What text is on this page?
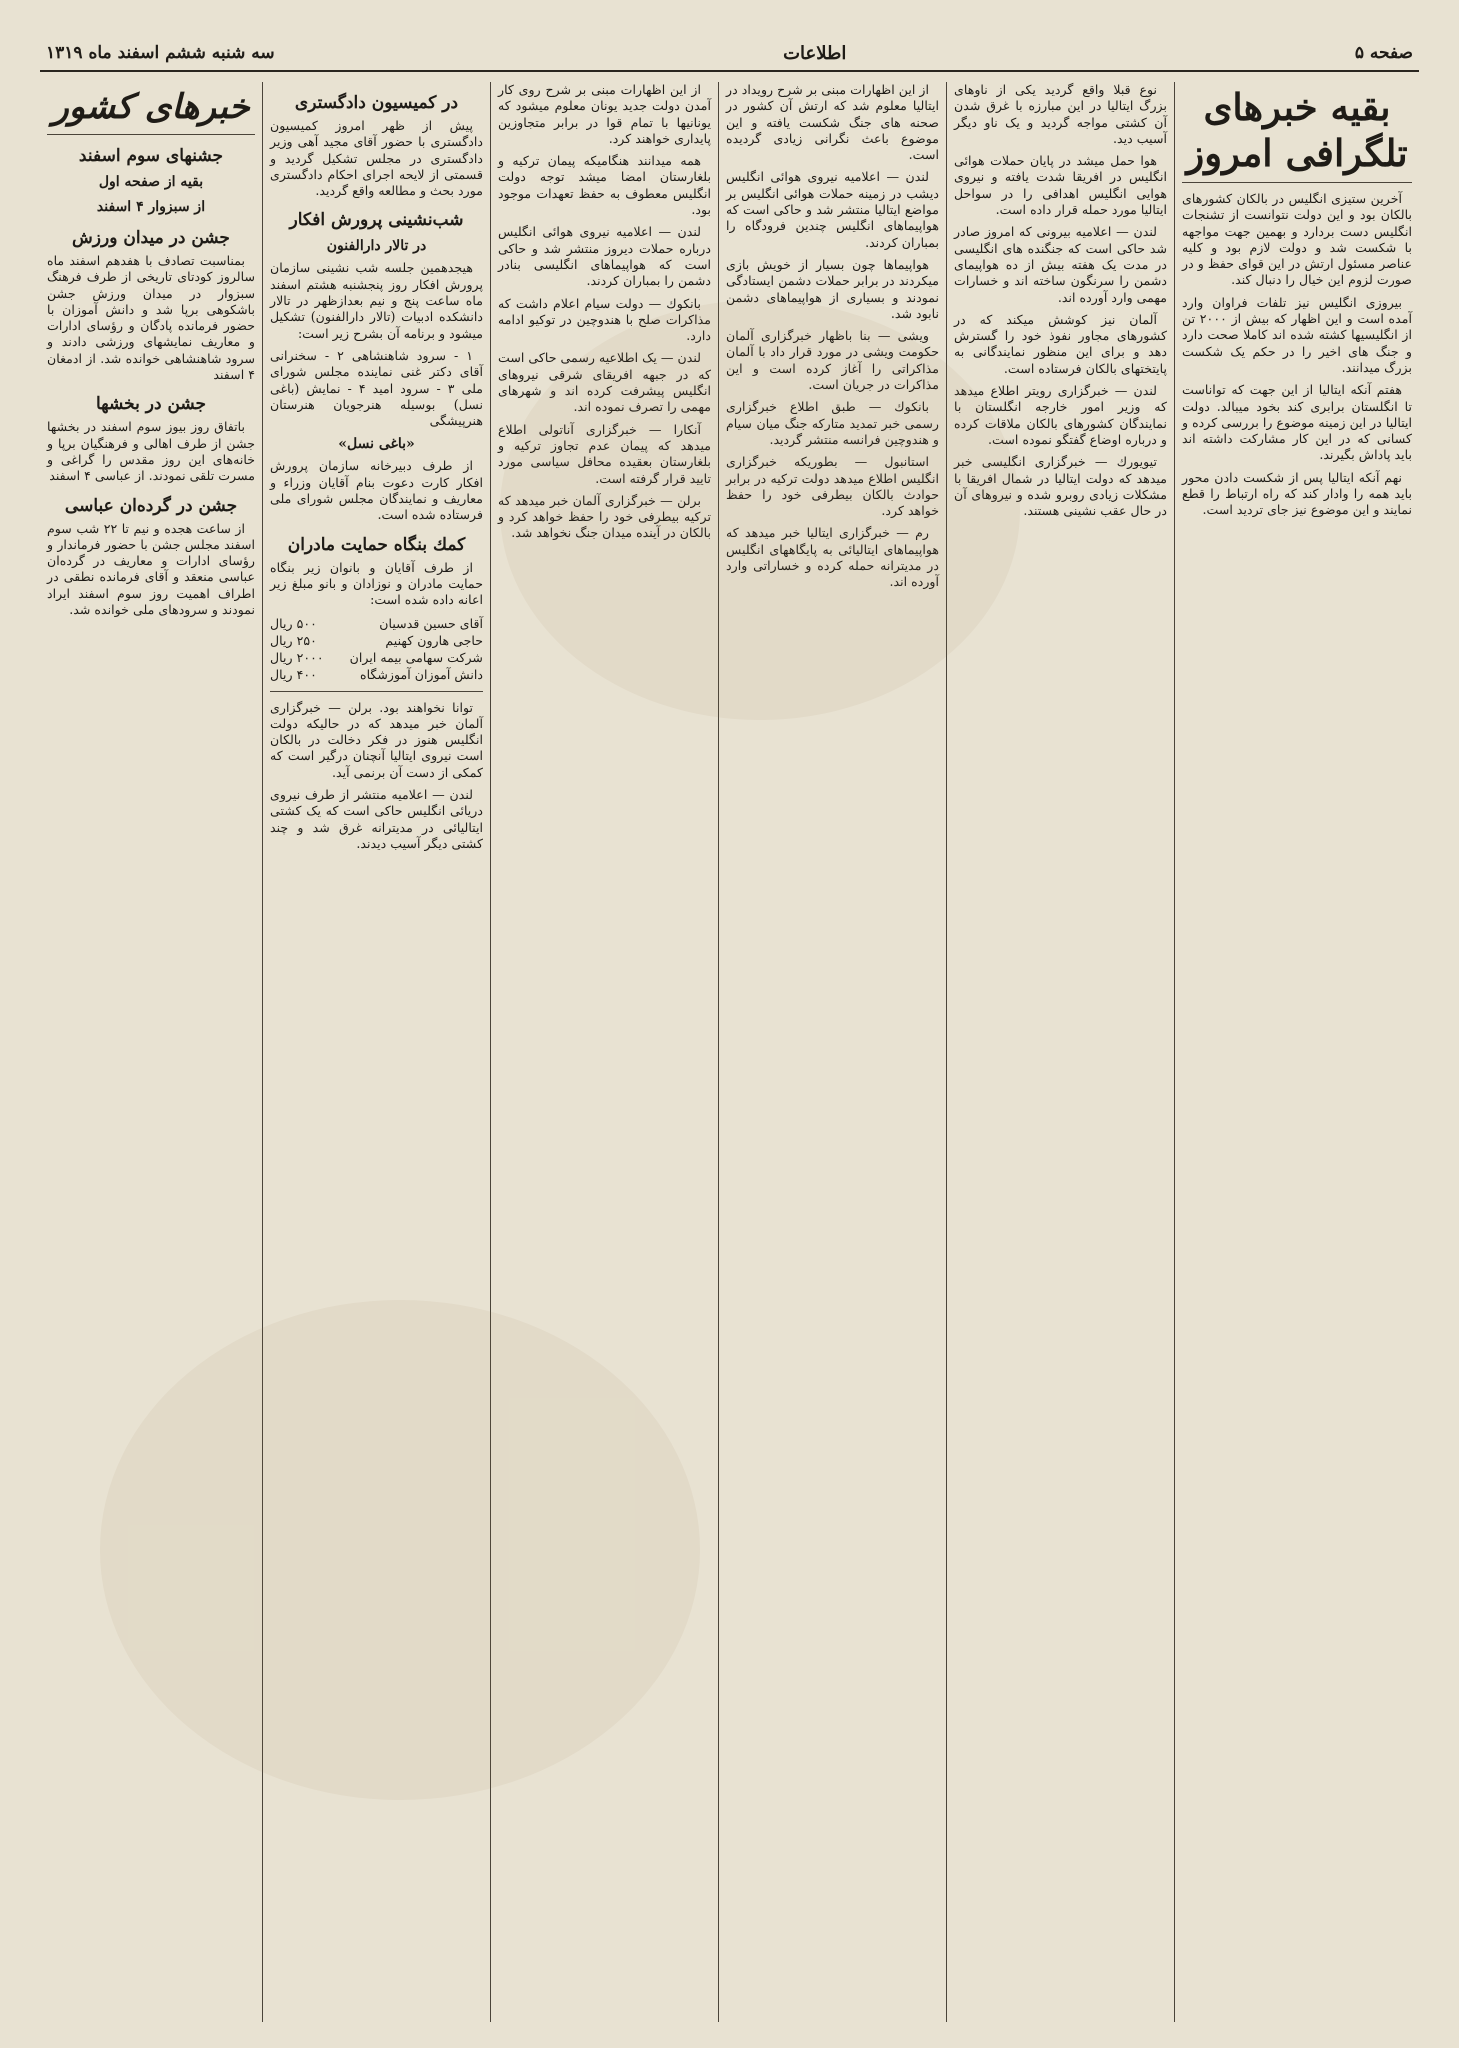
صفحه ۵
اطلاعات
سه شنبه ششم اسفند ماه ۱۳۱۹
بقیه خبرهای تلگرافی امروز

آخرین ستیزی انگلیس در بالکان کشورهای بالکان بود و این دولت نتوانست از تشنجات انگلیس دست بردارد و بهمین جهت مواجهه با شکست شد و دولت لازم بود و کلیه عناصر مسئول ارتش در این قوای حفظ و در صورت لزوم این خیال را دنبال کند.

بیروزی انگلیس نیز تلفات فراوان وارد آمده است و این اظهار که بیش از ۲۰۰۰ تن از انگلیسیها کشته شده اند کاملا صحت دارد و جنگ های اخیر را در حکم یک شکست بزرگ میدانند.

هفتم آنکه ایتالیا از این جهت که تواناست تا انگلستان برابری کند بخود میبالد. دولت ایتالیا در این زمینه موضوع را بررسی کرده و کسانی که در این کار مشارکت داشته اند باید پاداش بگیرند.

نهم آنکه ایتالیا پس از شکست دادن محور باید همه را وادار کند که راه ارتباط را قطع نمایند و این موضوع نیز جای تردید است.

نوع قبلا واقع گردید یکی از ناوهای بزرگ ایتالیا در این مبارزه با غرق شدن آن کشتی مواجه گردید و یک ناو دیگر آسیب دید.

هوا حمل میشد در پایان حملات هوائی انگلیس در افریقا شدت یافته و نیروی هوایی انگلیس اهدافی را در سواحل ایتالیا مورد حمله قرار داده است.

لندن — اعلامیه بیرونی که امروز صادر شد حاکی است که جنگنده های انگلیسی در مدت یک هفته بیش از ده هواپیمای دشمن را سرنگون ساخته اند و خسارات مهمی وارد آورده اند.

آلمان نیز کوشش میکند که در کشورهای مجاور نفوذ خود را گسترش دهد و برای این منظور نمایندگانی به پایتختهای بالکان فرستاده است.

لندن — خبرگزاری رویتر اطلاع میدهد که وزیر امور خارجه انگلستان با نمایندگان کشورهای بالکان ملاقات کرده و درباره اوضاع گفتگو نموده است.

تیویورك — خبرگزاری انگلیسی خبر میدهد که دولت ایتالیا در شمال افریقا با مشکلات زیادی روبرو شده و نیروهای آن در حال عقب نشینی هستند.

از این اظهارات مبنی بر شرح رویداد در ایتالیا معلوم شد که ارتش آن کشور در صحنه های جنگ شکست یافته و این موضوع باعث نگرانی زیادی گردیده است.

لندن — اعلامیه نیروی هوائی انگلیس دیشب در زمینه حملات هوائی انگلیس بر مواضع ایتالیا منتشر شد و حاکی است که هواپیماهای انگلیس چندین فرودگاه را بمباران کردند.

هواپیماها چون بسیار از خویش بازی میکردند در برابر حملات دشمن ایستادگی نمودند و بسیاری از هواپیماهای دشمن نابود شد.

ویشی — بنا باظهار خبرگزاری آلمان حکومت ویشی در مورد قرار داد با آلمان مذاکراتی را آغاز کرده است و این مذاکرات در جریان است.

بانکوك — طبق اطلاع خبرگزاری رسمی خبر تمدید متارکه جنگ میان سیام و هندوچین فرانسه منتشر گردید.

استانبول — بطوریکه خبرگزاری انگلیس اطلاع میدهد دولت ترکیه در برابر حوادث بالکان بیطرفی خود را حفظ خواهد کرد.

رم — خبرگزاری ایتالیا خبر میدهد که هواپیماهای ایتالیائی به پایگاههای انگلیس در مدیترانه حمله کرده و خساراتی وارد آورده اند.

از این اظهارات مبنی بر شرح روی کار آمدن دولت جدید یونان معلوم میشود که یونانیها با تمام قوا در برابر متجاوزین پایداری خواهند کرد.

همه میدانند هنگامیکه پیمان ترکیه و بلغارستان امضا میشد توجه دولت انگلیس معطوف به حفظ تعهدات موجود بود.

لندن — اعلامیه نیروی هوائی انگلیس درباره حملات دیروز منتشر شد و حاکی است که هواپیماهای انگلیسی بنادر دشمن را بمباران کردند.

بانکوك — دولت سیام اعلام داشت که مذاکرات صلح با هندوچین در توکیو ادامه دارد.

لندن — یک اطلاعیه رسمی حاکی است که در جبهه افریقای شرقی نیروهای انگلیس پیشرفت کرده اند و شهرهای مهمی را تصرف نموده اند.

آنکارا — خبرگزاری آناتولی اطلاع میدهد که پیمان عدم تجاوز ترکیه و بلغارستان بعقیده محافل سیاسی مورد تایید قرار گرفته است.

برلن — خبرگزاری آلمان خبر میدهد که ترکیه بیطرفی خود را حفظ خواهد کرد و بالکان در آینده میدان جنگ نخواهد شد.

در کمیسیون دادگستری

پیش از ظهر امروز کمیسیون دادگستری با حضور آقای مجید آهی وزیر دادگستری در مجلس تشکیل گردید و قسمتی از لایحه اجرای احکام دادگستری مورد بحث و مطالعه واقع گردید.

شب‌نشینی پرورش افکار
در تالار دارالفنون

هیجدهمین جلسه شب نشینی سازمان پرورش افکار روز پنجشنبه هشتم اسفند ماه ساعت پنج و نیم بعدازظهر در تالار دانشکده ادبیات (تالار دارالفنون) تشکیل میشود و برنامه آن بشرح زیر است:

۱ - سرود شاهنشاهی ۲ - سخنرانی آقای دکتر غنی نماینده مجلس شورای ملی ۳ - سرود امید ۴ - نمایش (باغی نسل) بوسیله هنرجویان هنرستان هنرپیشگی

«باغی نسل»

از طرف دبیرخانه سازمان پرورش افکار کارت دعوت بنام آقایان وزراء و معاریف و نمایندگان مجلس شورای ملی فرستاده شده است.

کمك بنگاه حمایت مادران

از طرف آقایان و بانوان زیر بنگاه حمایت مادران و نوزادان و بانو مبلغ زیر اعانه داده شده است:

آقای حسین قدسیان
۵۰۰ ریال
حاجی هارون کهنیم
۲۵۰ ریال
شرکت سهامی بیمه ایران
۲۰۰۰ ریال
دانش آموزان آموزشگاه
۴۰۰ ریال

توانا نخواهند بود. برلن — خبرگزاری آلمان خبر میدهد که در حالیکه دولت انگلیس هنوز در فکر دخالت در بالکان است نیروی ایتالیا آنچنان درگیر است که کمکی از دست آن برنمی آید.

لندن — اعلامیه منتشر از طرف نیروی دریائی انگلیس حاکی است که یک کشتی ایتالیائی در مدیترانه غرق شد و چند کشتی دیگر آسیب دیدند.

خبرهای کشور
جشنهای سوم اسفند
بقیه از صفحه اول
از سبزوار ۴ اسفند
جشن در میدان ورزش

بمناسبت تصادف با هفدهم اسفند ماه سالروز کودتای تاریخی از طرف فرهنگ سبزوار در میدان ورزش جشن باشکوهی برپا شد و دانش آموزان با حضور فرمانده پادگان و رؤسای ادارات و معاریف نمایشهای ورزشی دادند و سرود شاهنشاهی خوانده شد. از ادمغان ۴ اسفند

جشن در بخشها

باتفاق روز بیوز سوم اسفند در بخشها جشن از طرف اهالی و فرهنگیان برپا و خانه‌های این روز مقدس را گراغی و مسرت تلقی نمودند. از عباسی ۴ اسفند

جشن در گرده‌ان عباسی

از ساعت هجده و نیم تا ۲۲ شب سوم اسفند مجلس جشن با حضور فرماندار و رؤسای ادارات و معاریف در گرده‌ان عباسی منعقد و آقای فرمانده نطقی در اطراف اهمیت روز سوم اسفند ایراد نمودند و سرودهای ملی خوانده شد.
